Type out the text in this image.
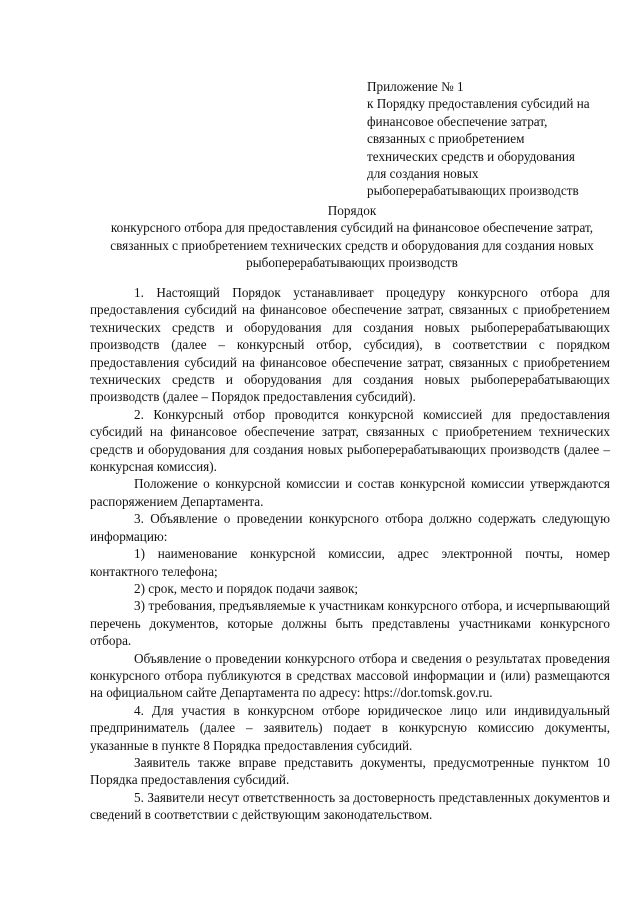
Приложение № 1
к Порядку предоставления субсидий на
финансовое обеспечение затрат,
связанных с приобретением
технических средств и оборудования
для создания новых
рыбоперерабатывающих производств
Порядок
конкурсного отбора для предоставления субсидий на финансовое обеспечение затрат,
связанных с приобретением технических средств и оборудования для создания новых
рыбоперерабатывающих производств

1. Настоящий Порядок устанавливает процедуру конкурсного отбора для предоставления субсидий на финансовое обеспечение затрат, связанных с приобретением технических средств и оборудования для создания новых рыбоперерабатывающих производств (далее – конкурсный отбор, субсидия), в соответствии с порядком предоставления субсидий на финансовое обеспечение затрат, связанных с приобретением технических средств и оборудования для создания новых рыбоперерабатывающих производств (далее – Порядок предоставления субсидий).

2. Конкурсный отбор проводится конкурсной комиссией для предоставления субсидий на финансовое обеспечение затрат, связанных с приобретением технических средств и оборудования для создания новых рыбоперерабатывающих производств (далее – конкурсная комиссия).

Положение о конкурсной комиссии и состав конкурсной комиссии утверждаются распоряжением Департамента.

3. Объявление о проведении конкурсного отбора должно содержать следующую информацию:

1) наименование конкурсной комиссии, адрес электронной почты, номер контактного телефона;

2) срок, место и порядок подачи заявок;

3) требования, предъявляемые к участникам конкурсного отбора, и исчерпывающий перечень документов, которые должны быть представлены участниками конкурсного отбора.

Объявление о проведении конкурсного отбора и сведения о результатах проведения конкурсного отбора публикуются в средствах массовой информации и (или) размещаются на официальном сайте Департамента по адресу: https://dor.tomsk.gov.ru.

4. Для участия в конкурсном отборе юридическое лицо или индивидуальный предприниматель (далее – заявитель) подает в конкурсную комиссию документы, указанные в пункте 8 Порядка предоставления субсидий.

Заявитель также вправе представить документы, предусмотренные пунктом 10 Порядка предоставления субсидий.

5. Заявители несут ответственность за достоверность представленных документов и сведений в соответствии с действующим законодательством.
